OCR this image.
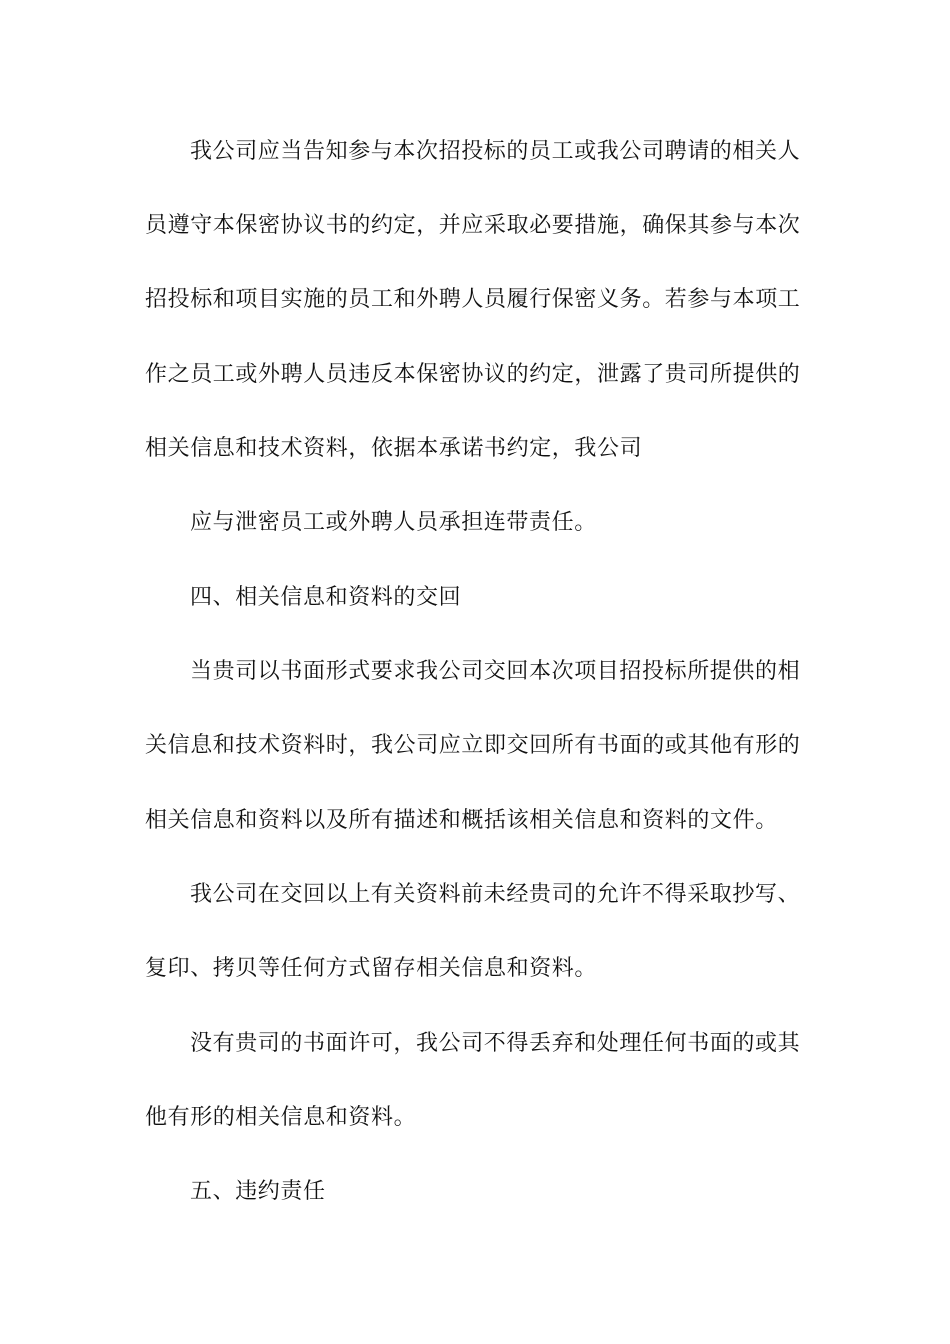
我公司应当告知参与本次招投标的员工或我公司聘请的相关人

员遵守本保密协议书的约定，并应采取必要措施，确保其参与本次

招投标和项目实施的员工和外聘人员履行保密义务。若参与本项工

作之员工或外聘人员违反本保密协议的约定，泄露了贵司所提供的

相关信息和技术资料，依据本承诺书约定，我公司

应与泄密员工或外聘人员承担连带责任。

四、相关信息和资料的交回

当贵司以书面形式要求我公司交回本次项目招投标所提供的相

关信息和技术资料时，我公司应立即交回所有书面的或其他有形的

相关信息和资料以及所有描述和概括该相关信息和资料的文件。

我公司在交回以上有关资料前未经贵司的允许不得采取抄写、

复印、拷贝等任何方式留存相关信息和资料。

没有贵司的书面许可，我公司不得丢弃和处理任何书面的或其

他有形的相关信息和资料。

五、违约责任
